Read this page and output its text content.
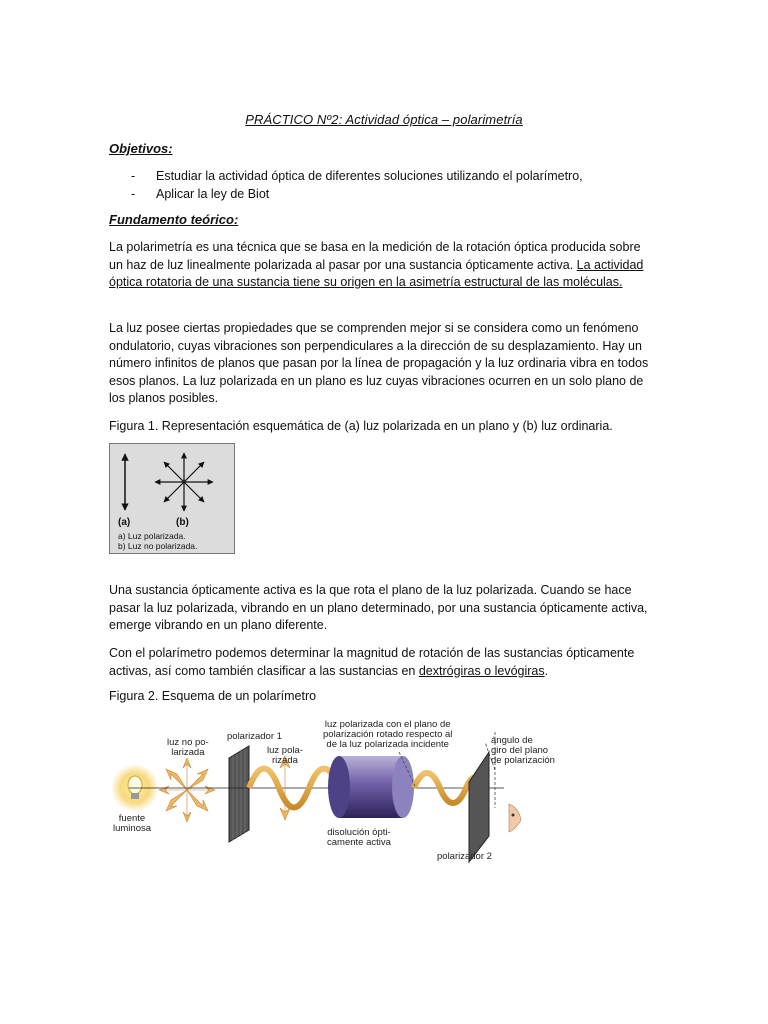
PRÁCTICO Nº2: Actividad óptica – polarimetría
Objetivos:
- Estudiar la actividad óptica de diferentes soluciones utilizando el polarímetro,
- Aplicar la ley de Biot
Fundamento teórico:

La polarimetría es una técnica que se basa en la medición de la rotación óptica producida sobre un haz de luz linealmente polarizada al pasar por una sustancia ópticamente activa. La actividad óptica rotatoria de una sustancia tiene su origen en la asimetría estructural de las moléculas.

La luz posee ciertas propiedades que se comprenden mejor si se considera como un fenómeno ondulatorio, cuyas vibraciones son perpendiculares a la dirección de su desplazamiento. Hay un número infinitos de planos que pasan por la línea de propagación y la luz ordinaria vibra en todos esos planos. La luz polarizada en un plano es luz cuyas vibraciones ocurren en un solo plano de los planos posibles.

Figura 1. Representación esquemática de (a) luz polarizada en un plano y (b) luz ordinaria.
(a)	(b)
a) Luz polarizada.
b) Luz no polarizada.

Una sustancia ópticamente activa es la que rota el plano de la luz polarizada. Cuando se hace pasar la luz polarizada, vibrando en un plano determinado, por una sustancia ópticamente activa, emerge vibrando en un plano diferente.

Con el polarímetro podemos determinar la magnitud de rotación de las sustancias ópticamente activas, así como también clasificar a las sustancias en dextrógiras o levógiras.

Figura 2. Esquema de un polarímetro
luz no po-
larizada
polarizador 1
luz pola-
rizada
luz polarizada con el plano de
polarización rotado respecto al
de la luz polarizada incidente	ángulo de
giro del plano
de polarización
fuente
luminosa	disolución ópti-
camente activa
polarizador 2
